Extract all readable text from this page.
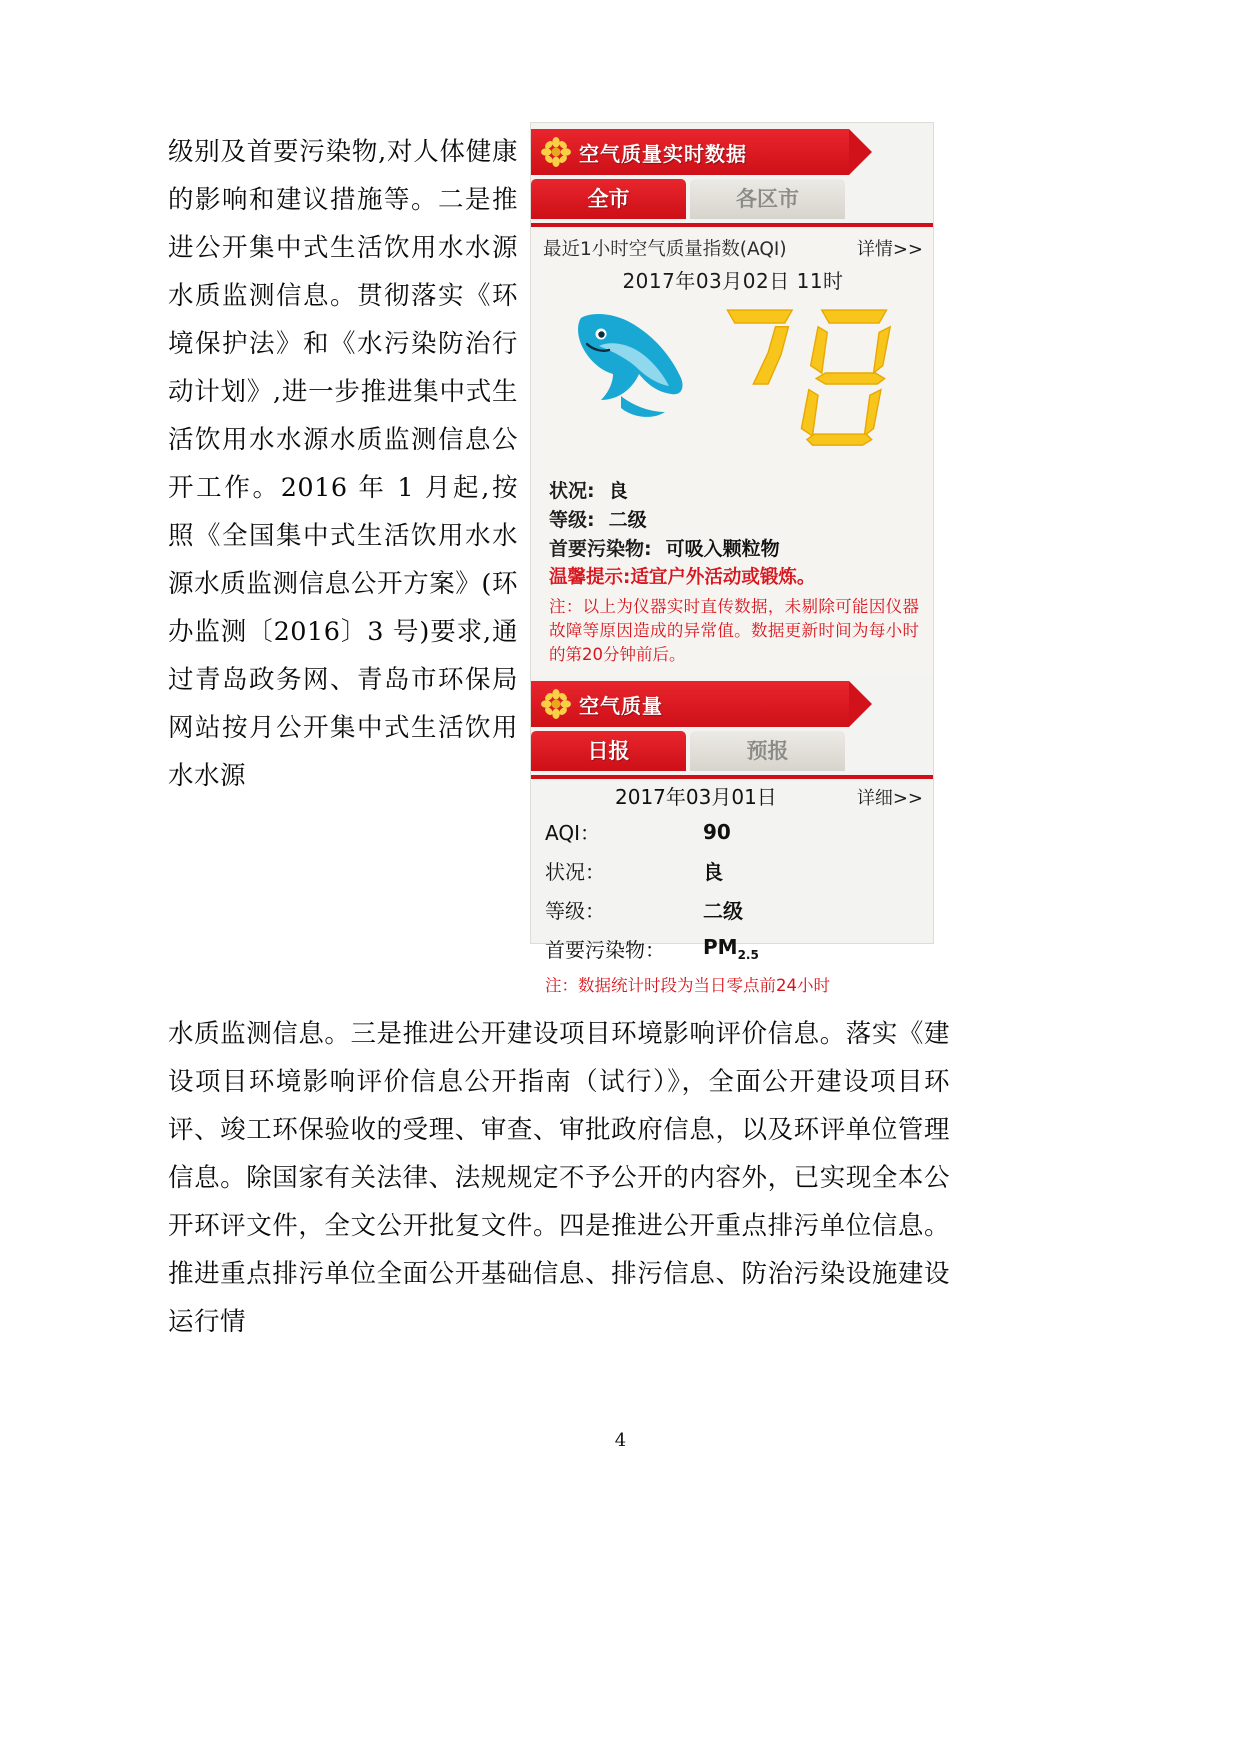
级别及首要污染物,对人体健康的影响和建议措施等。二是推进公开集中式生活饮用水水源水质监测信息。贯彻落实《环境保护法》和《水污染防治行动计划》,进一步推进集中式生活饮用水水源水质监测信息公开工作。2016 年 1 月起,按照《全国集中式生活饮用水水源水质监测信息公开方案》(环办监测〔2016〕3 号)要求,通过青岛政务网、青岛市环保局网站按月公开集中式生活饮用水水源
水质监测信息。三是推进公开建设项目环境影响评价信息。落实《建设项目环境影响评价信息公开指南（试行）》，全面公开建设项目环评、竣工环保验收的受理、审查、审批政府信息，以及环评单位管理信息。除国家有关法律、法规规定不予公开的内容外，已实现全本公开环评文件，全文公开批复文件。四是推进公开重点排污单位信息。推进重点排污单位全面公开基础信息、排污信息、防治污染设施建设运行情
4
空气质量实时数据
全市	各区市
最近1小时空气质量指数(AQI)	详情>>
2017年03月02日 11时
状况: 良
等级: 二级
首要污染物: 可吸入颗粒物
温馨提示:适宜户外活动或锻炼。
注：以上为仪器实时直传数据，未剔除可能因仪器故障等原因造成的异常值。数据更新时间为每小时的第20分钟前后。
空气质量
日报	预报
2017年03月01日	详细>>
AQI：	90
状况：	良
等级：	二级
首要污染物：	$PM_{2.5}$
注：数据统计时段为当日零点前24小时
